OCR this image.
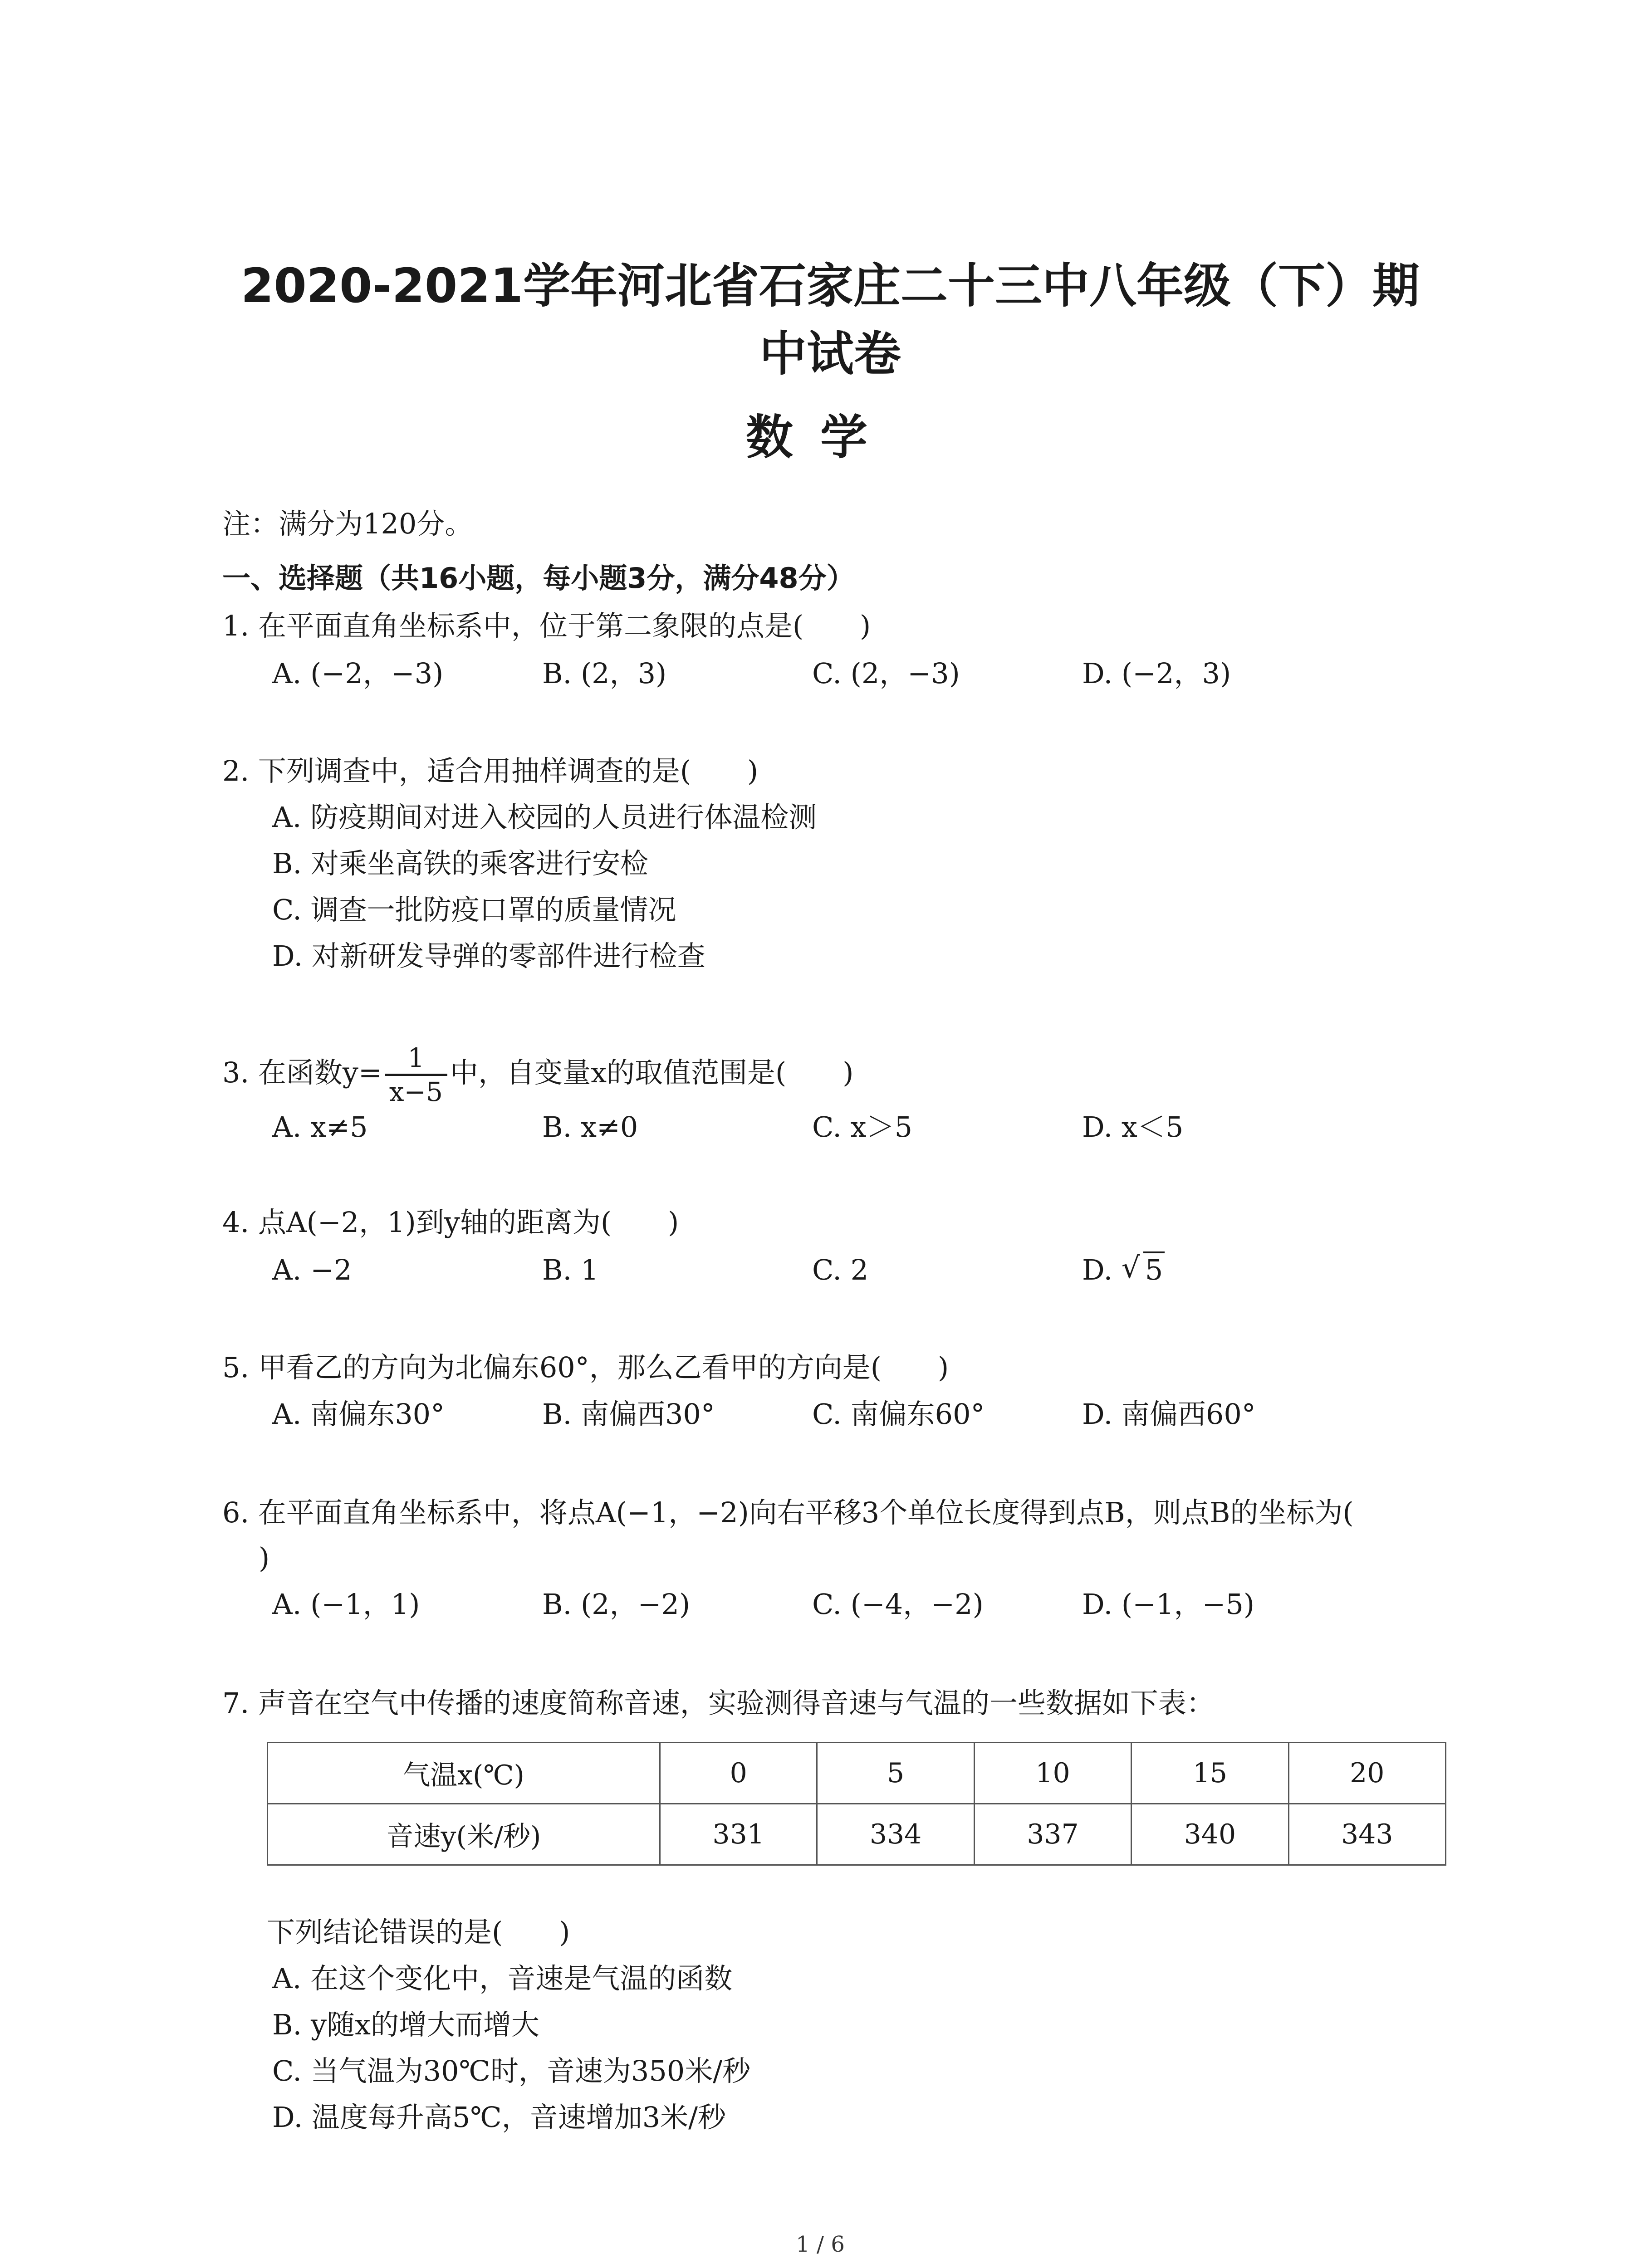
2020-2021学年河北省石家庄二十三中八年级（下）期
中试卷
数学
注：满分为120分。
一、选择题（共16小题，每小题3分，满分48分）
1. 在平面直角坐标系中，位于第二象限的点是(　　)
A. (−2，−3)	B. (2，3)	C. (2，−3)	D. (−2，3)
2. 下列调查中，适合用抽样调查的是(　　)
A. 防疫期间对进入校园的人员进行体温检测
B. 对乘坐高铁的乘客进行安检
C. 调查一批防疫口罩的质量情况
D. 对新研发导弹的零部件进行检查
3. 在函数$y= \frac{1}{x-5}$ 中，自变量x的取值范围是(　　)
A. x≠5	B. x≠0	C. x＞5	D. x＜5
4. 点A(−2，1)到y轴的距离为(　　)
A. −2	B. 1	C. 2	D. √ 5
5. 甲看乙的方向为北偏东60°，那么乙看甲的方向是(　　)
A. 南偏东30°	B. 南偏西30°	C. 南偏东60°	D. 南偏西60°
6. 在平面直角坐标系中，将点A(−1，−2)向右平移3个单位长度得到点B，则点B的坐标为(
)
A. (−1，1)	B. (2，−2)	C. (−4，−2)	D. (−1，−5)
7. 声音在空气中传播的速度简称音速，实验测得音速与气温的一些数据如下表：
气温x(℃)	0	5	10	15	20
音速y(米/秒)	331	334	337	340	343
下列结论错误的是(　　)
A. 在这个变化中，音速是气温的函数
B. y随x的增大而增大
C. 当气温为30℃时，音速为350米/秒
D. 温度每升高5℃，音速增加3米/秒
1 / 6
